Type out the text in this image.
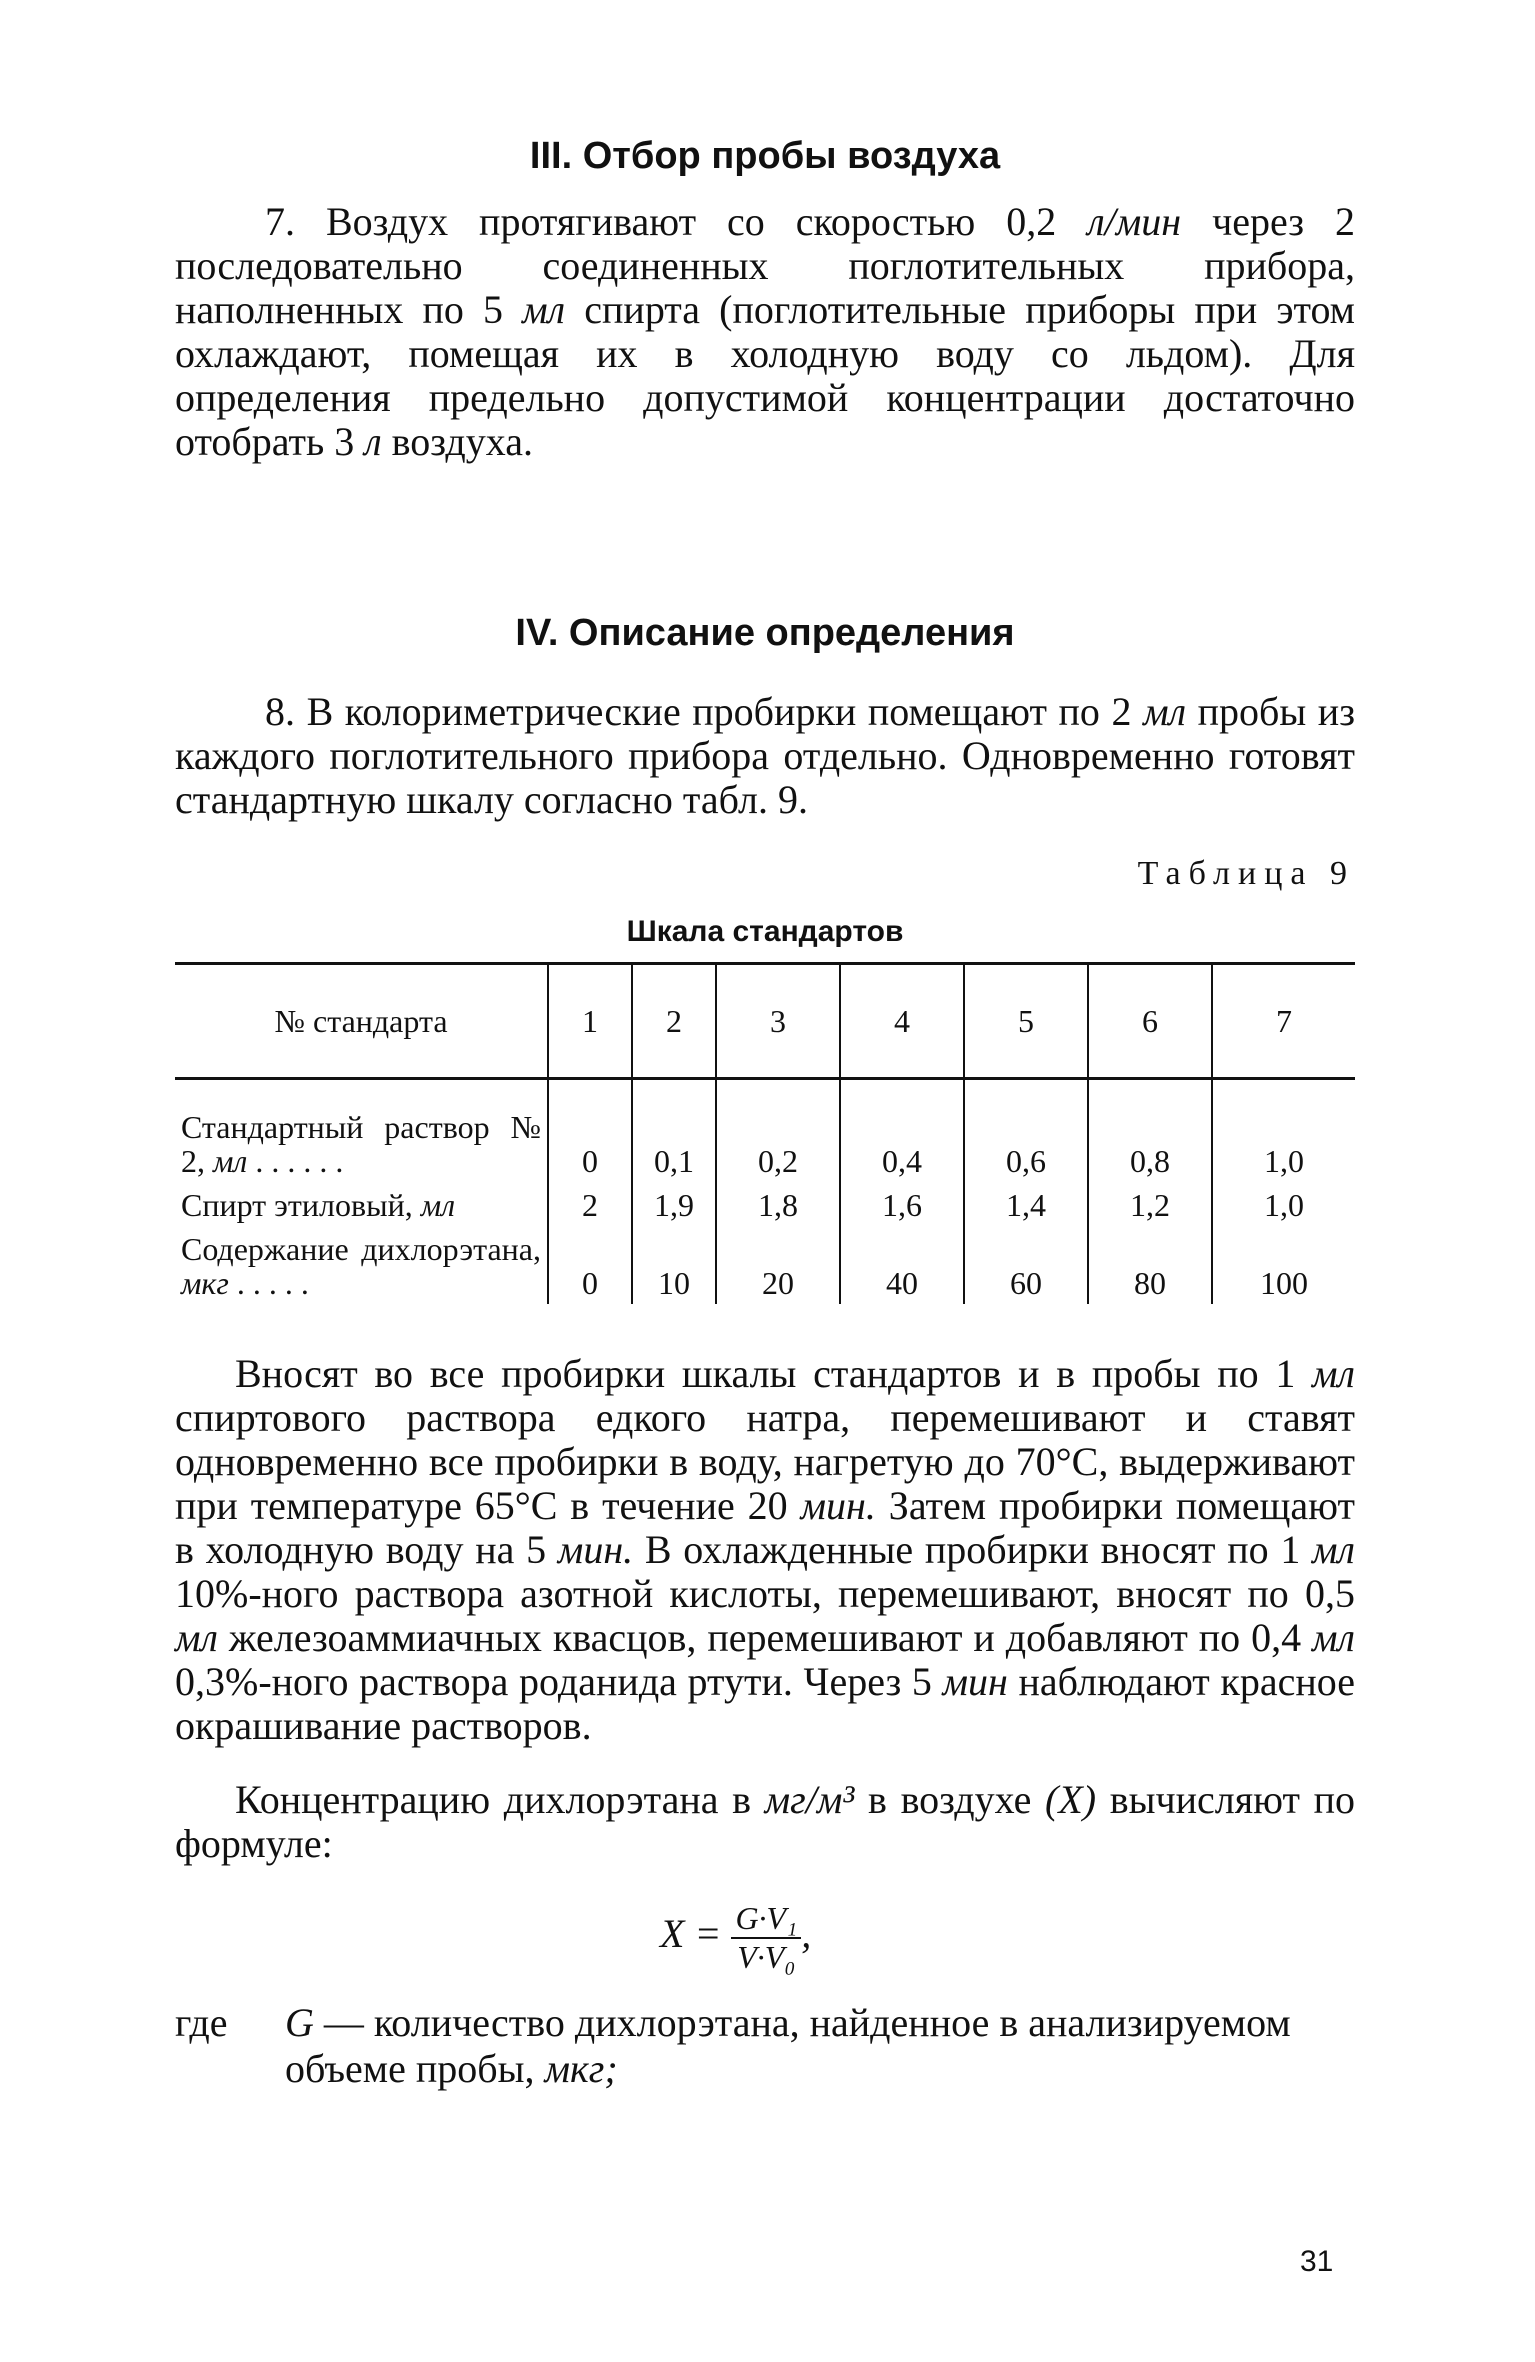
III. Отбор пробы воздуха

7. Воздух протягивают со скоростью 0,2 л/мин через 2 последовательно соединенных поглотительных прибора, наполненных по 5 мл спирта (поглотительные приборы при этом охлаждают, помещая их в холодную воду со льдом). Для определения предельно допустимой концентрации достаточно отобрать 3 л воздуха.

IV. Описание определения

8. В колориметрические пробирки помещают по 2 мл пробы из каждого поглотительного прибора отдельно. Одновременно готовят стандартную шкалу согласно табл. 9.

Таблица 9
Шкала стандартов
№ стандарта	1	2	3	4	5	6	7
Стандартный раствор № 2, мл . . . . . .	0	0,1	0,2	0,4	0,6	0,8	1,0
Спирт этиловый, мл	2	1,9	1,8	1,6	1,4	1,2	1,0
Содержание дихлорэтана, мкг . . . . .	0	10	20	40	60	80	100

Вносят во все пробирки шкалы стандартов и в пробы по 1 мл спиртового раствора едкого натра, перемешивают и ставят одновременно все пробирки в воду, нагретую до 70°C, выдерживают при температуре 65°C в течение 20 мин. Затем пробирки помещают в холодную воду на 5 мин. В охлажденные пробирки вносят по 1 мл 10%-ного раствора азотной кислоты, перемешивают, вносят по 0,5 мл железоаммиачных квасцов, перемешивают и добавляют по 0,4 мл 0,3%-ного раствора роданида ртути. Через 5 мин наблюдают красное окрашивание растворов.

Концентрацию дихлорэтана в мг/м³ в воздухе (X) вычисляют по формуле:

$X = \frac{\text{G·V₁}}{\text{V·V₀}}$ ,
где G — количество дихлорэтана, найденное в анализируемом объеме пробы, мкг;
31
